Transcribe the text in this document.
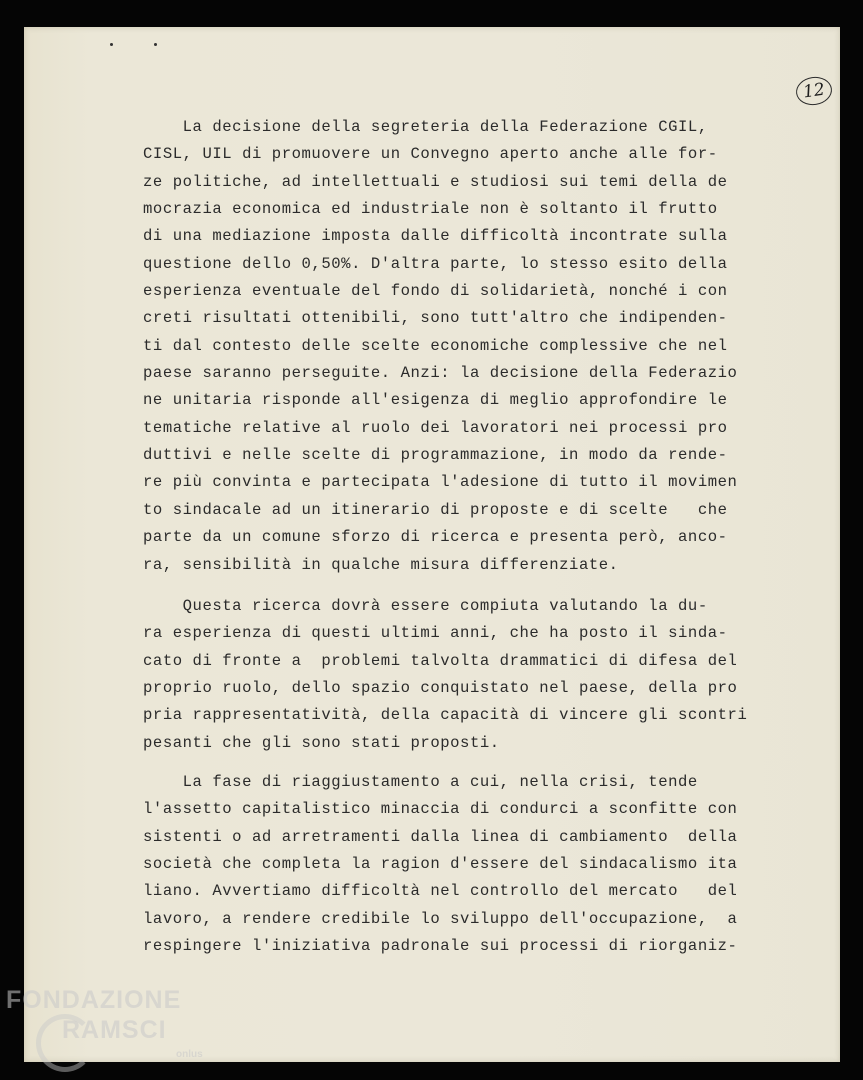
12
La decisione della segreteria della Federazione CGIL,
CISL, UIL di promuovere un Convegno aperto anche alle for-
ze politiche, ad intellettuali e studiosi sui temi della de
mocrazia economica ed industriale non è soltanto il frutto
di una mediazione imposta dalle difficoltà incontrate sulla
questione dello 0,50%. D'altra parte, lo stesso esito della
esperienza eventuale del fondo di solidarietà, nonché i con
creti risultati ottenibili, sono tutt'altro che indipenden-
ti dal contesto delle scelte economiche complessive che nel
paese saranno perseguite. Anzi: la decisione della Federazio
ne unitaria risponde all'esigenza di meglio approfondire le
tematiche relative al ruolo dei lavoratori nei processi pro
duttivi e nelle scelte di programmazione, in modo da rende-
re più convinta e partecipata l'adesione di tutto il movimen
to sindacale ad un itinerario di proposte e di scelte   che
parte da un comune sforzo di ricerca e presenta però, anco-
ra, sensibilità in qualche misura differenziate.
Questa ricerca dovrà essere compiuta valutando la du-
ra esperienza di questi ultimi anni, che ha posto il sinda-
cato di fronte a  problemi talvolta drammatici di difesa del
proprio ruolo, dello spazio conquistato nel paese, della pro
pria rappresentatività, della capacità di vincere gli scontri
pesanti che gli sono stati proposti.
La fase di riaggiustamento a cui, nella crisi, tende
l'assetto capitalistico minaccia di condurci a sconfitte con
sistenti o ad arretramenti dalla linea di cambiamento  della
società che completa la ragion d'essere del sindacalismo ita
liano. Avvertiamo difficoltà nel controllo del mercato   del
lavoro, a rendere credibile lo sviluppo dell'occupazione,  a
respingere l'iniziativa padronale sui processi di riorganiz-
FONDAZIONE
RAMSCI
onlus
